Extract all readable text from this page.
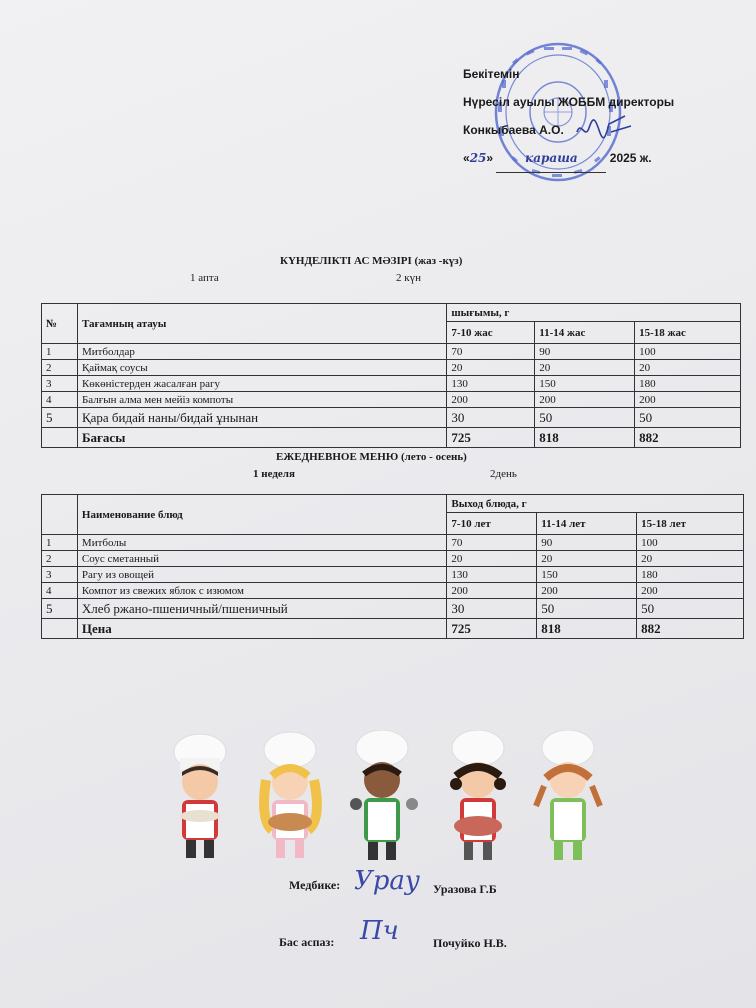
Бекітемін
Нүресіл ауылы ЖОББМ директоры
Конкыбаева А.О.
«25»	караша	2025 ж.
КҮНДЕЛІКТІ АС МӘЗІРІ (жаз -күз)
1 апта	2 күн
№	Тағамның атауы	шығымы, г		
		7-10 жас	11-14 жас	15-18 жас
1	Митболдар	70	90	100
2	Қаймақ соусы	20	20	20
3	Көкөністерден жасалған рагу	130	150	180
4	Балғын алма мен мейіз компоты	200	200	200
5	Қара бидай наны/бидай ұнынан	30	50	50
	Бағасы	725	818	882
ЕЖЕДНЕВНОЕ МЕНЮ (лето - осень)
1 неделя	2день
	Наименование блюд	Выход блюда, г		
		7-10 лет	11-14 лет	15-18 лет
1	Митболы	70	90	100
2	Соус сметанный	20	20	20
3	Рагу из овощей	130	150	180
4	Компот из свежих яблок с изюмом	200	200	200
5	Хлеб ржано-пшеничный/пшеничный	30	50	50
	Цена	725	818	882
Медбике: Урау Уразова Г.Б
Бас аспаз: Пч	Почуйко Н.В.
